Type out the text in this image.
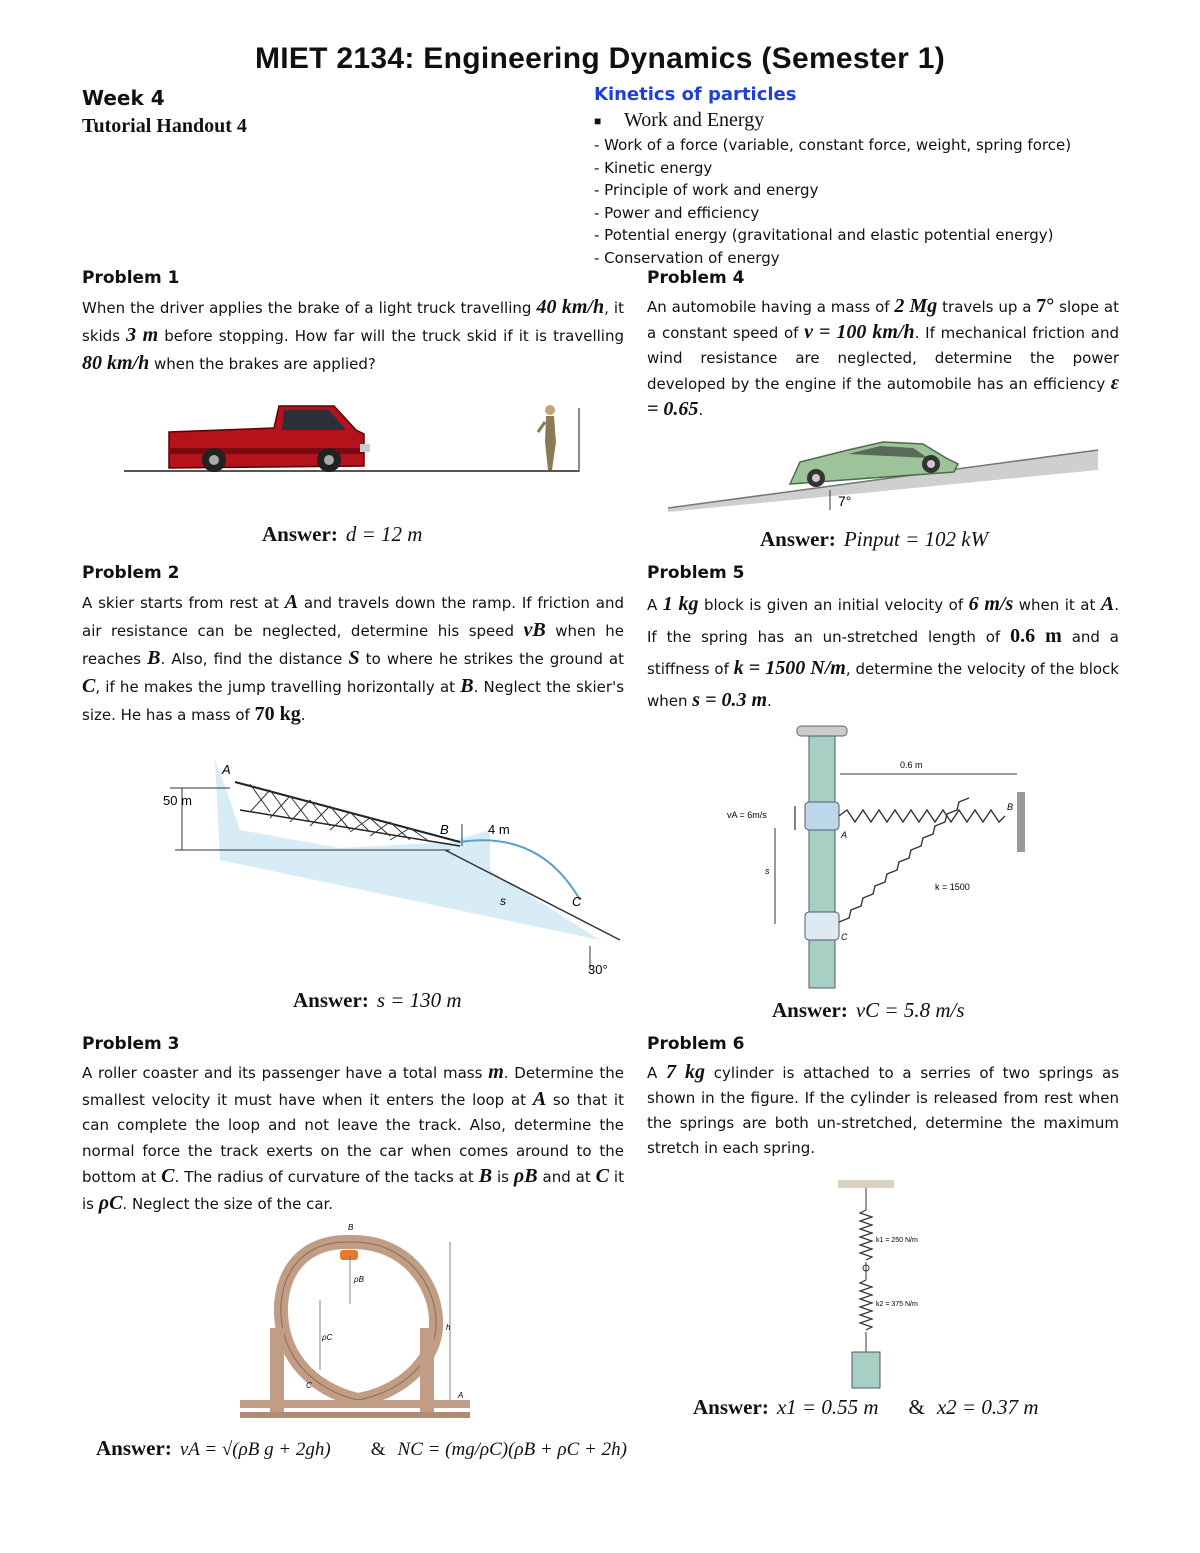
MIET 2134: Engineering Dynamics (Semester 1)
Week 4
Tutorial Handout 4
Kinetics of particles
■ Work and Energy
- Work of a force (variable, constant force, weight, spring force)
- Kinetic energy
- Principle of work and energy
- Power and efficiency
- Potential energy (gravitational and elastic potential energy)
- Conservation of energy
Problem 1
When the driver applies the brake of a light truck travelling 40 km/h, it skids 3 m before stopping. How far will the truck skid if it is travelling 80 km/h when the brakes are applied?
Answer: d = 12 m
Problem 4
An automobile having a mass of 2 Mg travels up a 7° slope at a constant speed of v = 100 km/h. If mechanical friction and wind resistance are neglected, determine the power developed by the engine if the automobile has an efficiency ε = 0.65.
7°
Answer: Pinput = 102 kW
Problem 2
A skier starts from rest at A and travels down the ramp. If friction and air resistance can be neglected, determine his speed vB when he reaches B. Also, find the distance S to where he strikes the ground at C, if he makes the jump travelling horizontally at B. Neglect the skier's size. He has a mass of 70 kg.
50 m
A
B	4 m
s	C
30°
Answer: s = 130 m
Problem 5
A 1 kg block is given an initial velocity of 6 m/s when it at A. If the spring has an un-stretched length of 0.6 m and a stiffness of k = 1500 N/m, determine the velocity of the block when s = 0.3 m.
0.6 m
A
B
vA = 6m/s
s
k = 1500
C
Answer: vC = 5.8 m/s
Problem 3
A roller coaster and its passenger have a total mass m. Determine the smallest velocity it must have when it enters the loop at A so that it can complete the loop and not leave the track. Also, determine the normal force the track exerts on the car when comes around to the bottom at C. The radius of curvature of the tacks at B is ρB and at C it is ρC. Neglect the size of the car.
B
ρB
ρC
h
A
C
Answer: vA = √(ρB g + 2gh) & NC = (mg/ρC)(ρB + ρC + 2h)
Problem 6
A 7 kg cylinder is attached to a serries of two springs as shown in the figure. If the cylinder is released from rest when the springs are both un-stretched, determine the maximum stretch in each spring.
k1 = 250 N/m
k2 = 375 N/m
Answer: x1 = 0.55 m & x2 = 0.37 m
